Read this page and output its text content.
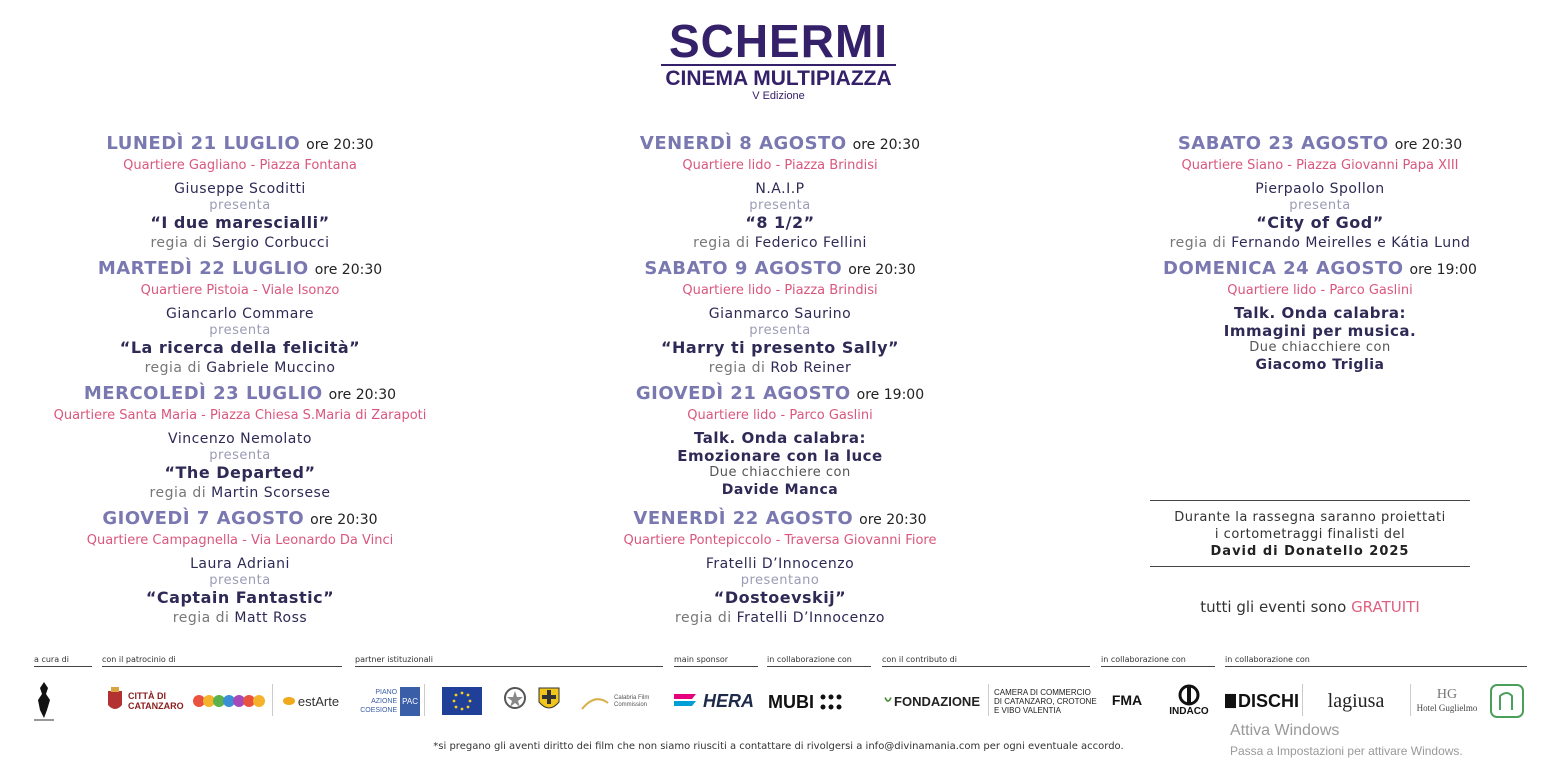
SCHERMI
CINEMA MULTIPIAZZA
V Edizione
LUNEDÌ 21 LUGLIO ore 20:30
Quartiere Gagliano - Piazza Fontana
Giuseppe Scoditti
presenta
“I due marescialli”
regia di Sergio Corbucci
MARTEDÌ 22 LUGLIO ore 20:30
Quartiere Pistoia - Viale Isonzo
Giancarlo Commare
presenta
“La ricerca della felicità”
regia di Gabriele Muccino
MERCOLEDÌ 23 LUGLIO ore 20:30
Quartiere Santa Maria - Piazza Chiesa S.Maria di Zarapoti
Vincenzo Nemolato
presenta
“The Departed”
regia di Martin Scorsese
GIOVEDÌ 7 AGOSTO ore 20:30
Quartiere Campagnella - Via Leonardo Da Vinci
Laura Adriani
presenta
“Captain Fantastic”
regia di Matt Ross
VENERDÌ 8 AGOSTO ore 20:30
Quartiere lido - Piazza Brindisi
N.A.I.P
presenta
“8 1/2”
regia di Federico Fellini
SABATO 9 AGOSTO ore 20:30
Quartiere lido - Piazza Brindisi
Gianmarco Saurino
presenta
“Harry ti presento Sally”
regia di Rob Reiner
GIOVEDÌ 21 AGOSTO ore 19:00
Quartiere lido - Parco Gaslini
Talk. Onda calabra:
Emozionare con la luce
Due chiacchiere con
Davide Manca
VENERDÌ 22 AGOSTO ore 20:30
Quartiere Pontepiccolo - Traversa Giovanni Fiore
Fratelli D’Innocenzo
presentano
“Dostoevskij”
regia di Fratelli D’Innocenzo
SABATO 23 AGOSTO ore 20:30
Quartiere Siano - Piazza Giovanni Papa XIII
Pierpaolo Spollon
presenta
“City of God”
regia di Fernando Meirelles e Kátia Lund
DOMENICA 24 AGOSTO ore 19:00
Quartiere lido - Parco Gaslini
Talk. Onda calabra:
Immagini per musica.
Due chiacchiere con
Giacomo Triglia
Durante la rassegna saranno proiettati
i cortometraggi finalisti del
David di Donatello 2025
tutti gli eventi sono GRATUITI
a cura di	con il patrocinio di	partner istituzionali	main sponsor	in collaborazione con	con il contributo di	in collaborazione con	in collaborazione con
CITTÀ DI CATANZARO	estArte
PIANO AZIONE COESIONE
PAC	Calabria Film Commission	HERA MUBI	FONDAZIONE
CAMERA DI COMMERCIO DI CATANZARO, CROTONE E VIBO VALENTIA
FMA
INDACO
DISCHI lagiusa	HG
Hotel Guglielmo
*si pregano gli aventi diritto dei film che non siamo riusciti a contattare di rivolgersi a info@divinamania.com per ogni eventuale accordo.
Attiva Windows
Passa a Impostazioni per attivare Windows.
